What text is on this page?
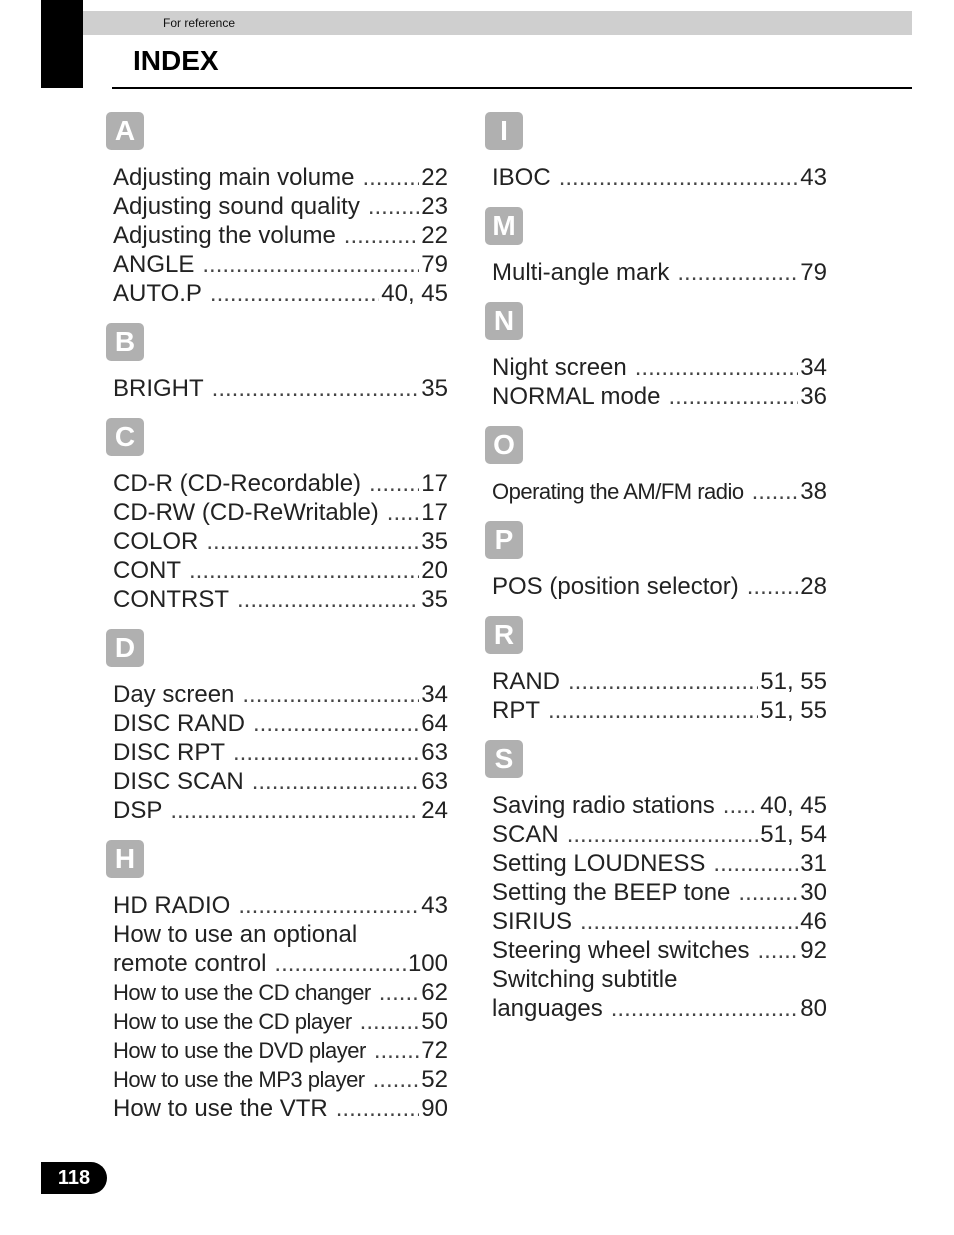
For reference
INDEX
A
Adjusting main volume .....	22
Adjusting sound quality .....	23
Adjusting the volume .....	22
ANGLE .....	79
AUTO.P .....	40, 45
B
BRIGHT .....	35
C
CD-R (CD-Recordable) .....	17
CD-RW (CD-ReWritable) ..... 17
COLOR .....	35
CONT .....	20
CONTRST .....	35
D
Day screen .....	34
DISC RAND .....	64
DISC RPT .....	63
DISC SCAN .....	63
DSP .....	24
H
HD RADIO .....	43
How to use an optional
remote control .....	100
How to use the CD changer ..... 62
How to use the CD player .....	50
How to use the DVD player ..... 72
How to use the MP3 player ..... 52
How to use the VTR .....	90
I
IBOC .....	43
M
Multi-angle mark .....	79
N
Night screen .....	34
NORMAL mode .....	36
O
Operating the AM/FM radio ..... 38
P
POS (position selector) .....	28
R
RAND .....	51, 55
RPT .....	51, 55
S
Saving radio stations ..... 40, 45
SCAN .....	51, 54
Setting LOUDNESS .....	31
Setting the BEEP tone .....	30
SIRIUS .....	46
Steering wheel switches ..... 92
Switching subtitle
languages .....	80
118
